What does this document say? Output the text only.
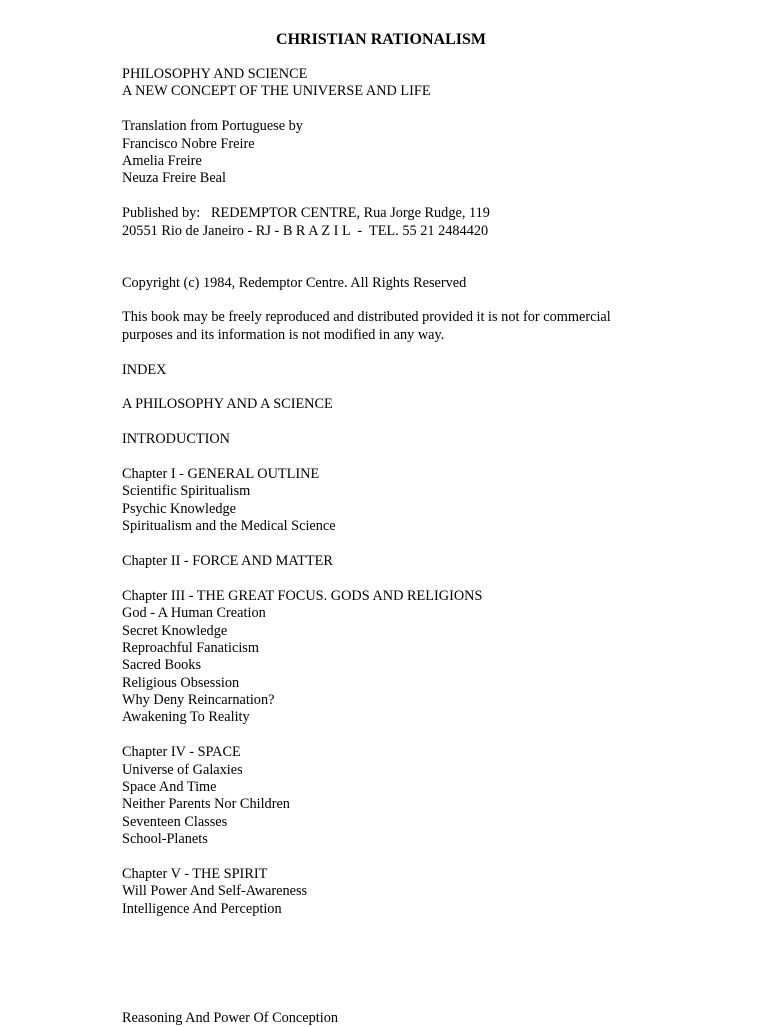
CHRISTIAN RATIONALISM
PHILOSOPHY AND SCIENCE
A NEW CONCEPT OF THE UNIVERSE AND LIFE
Translation from Portuguese by
Francisco Nobre Freire
Amelia Freire
Neuza Freire Beal
Published by:   REDEMPTOR CENTRE, Rua Jorge Rudge, 119
20551 Rio de Janeiro - RJ - B R A Z I L  -  TEL. 55 21 2484420
Copyright (c) 1984, Redemptor Centre. All Rights Reserved
This book may be freely reproduced and distributed provided it is not for commercial
purposes and its information is not modified in any way.
INDEX
A PHILOSOPHY AND A SCIENCE
INTRODUCTION
Chapter I - GENERAL OUTLINE
Scientific Spiritualism
Psychic Knowledge
Spiritualism and the Medical Science
Chapter II - FORCE AND MATTER
Chapter III - THE GREAT FOCUS. GODS AND RELIGIONS
God - A Human Creation
Secret Knowledge
Reproachful Fanaticism
Sacred Books
Religious Obsession
Why Deny Reincarnation?
Awakening To Reality
Chapter IV - SPACE
Universe of Galaxies
Space And Time
Neither Parents Nor Children
Seventeen Classes
School-Planets
Chapter V - THE SPIRIT
Will Power And Self-Awareness
Intelligence And Perception
Reasoning And Power Of Conception
